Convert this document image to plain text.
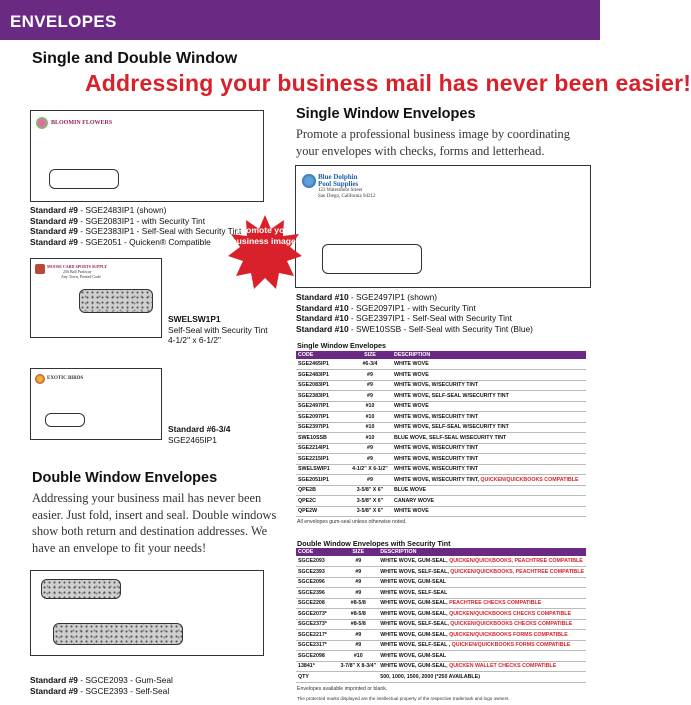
ENVELOPES
Single and Double Window
Addressing your business mail has never been easier!
BLOOMIN FLOWERS
Standard #9 - SGE2483IP1 (shown)
Standard #9 - SGE2083IP1 - with Security Tint
Standard #9 - SGE2383IP1 - Self-Seal with Security Tint
Standard #9 - SGE2051 - Quicken® Compatible
MOOSE CARD SPORTS SUPPLY
256 Ball Parkway
Any Town, Printed Code
SWELSW1P1
Self-Seal with Security Tint
4-1/2" x 6-1/2"
EXOTIC BIRDS
Standard #6-3/4
SGE2465IP1
Double Window Envelopes
Addressing your business mail has never been easier. Just fold, insert and seal. Double windows show both return and destination addresses. We have an envelope to fit your needs!
Standard #9 - SGCE2093 - Gum-Seal
Standard #9 - SGCE2393 - Self-Seal
Single Window Envelopes
Promote a professional business image by coordinating your envelopes with checks, forms and letterhead.
Blue Dolphin
Pool Supplies
123 Watershore Street
San Diego, California 94212
Promote your business image!
Standard #10 - SGE2497IP1 (shown)
Standard #10 - SGE2097IP1 - with Security Tint
Standard #10 - SGE2397IP1 - Self-Seal with Security Tint
Standard #10 - SWE10SSB - Self-Seal with Security Tint (Blue)
Single Window Envelopes
CODE	SIZE	DESCRIPTION
SGE2465IP1	#6-3/4	WHITE WOVE
SGE2483IP1	#9	WHITE WOVE
SGE2083IP1	#9	WHITE WOVE, W/SECURITY TINT
SGE2383IP1	#9	WHITE WOVE, SELF-SEAL W/SECURITY TINT
SGE2497IP1	#10	WHITE WOVE
SGE2097IP1	#10	WHITE WOVE, W/SECURITY TINT
SGE2397IP1	#10	WHITE WOVE, SELF-SEAL W/SECURITY TINT
SWE10SSB	#10	BLUE WOVE, SELF-SEAL W/SECURITY TINT
SGE2214IP1	#9	WHITE WOVE, W/SECURITY TINT
SGE2215IP1	#9	WHITE WOVE, W/SECURITY TINT
SWELSWIP1	4-1/2" X 6-1/2"	WHITE WOVE, W/SECURITY TINT
SGE2051IP1	#9	WHITE WOVE, W/SECURITY TINT, QUICKEN/QUICKBOOKS COMPATIBLE
QPE2B	3-5/8" X 6"	BLUE WOVE
QPE2C	3-5/8" X 6"	CANARY WOVE
QPE2W	3-5/8" X 6"	WHITE WOVE
All envelopes gum-seal unless otherwise noted.
Double Window Envelopes with Security Tint
CODE	SIZE	DESCRIPTION
SGCE2093	#9	WHITE WOVE, GUM-SEAL, QUICKEN/QUICKBOOKS, PEACHTREE COMPATIBLE
SGCE2393	#9	WHITE WOVE, SELF-SEAL, QUICKEN/QUICKBOOKS, PEACHTREE COMPATIBLE
SGCE2096	#9	WHITE WOVE, GUM-SEAL
SGCE2396	#9	WHITE WOVE, SELF-SEAL
SGCE2208	#8-5/8	WHITE WOVE, GUM-SEAL, PEACHTREE CHECKS COMPATIBLE
SGCE2073*	#8-5/8	WHITE WOVE, GUM-SEAL, QUICKEN/QUICKBOOKS CHECKS COMPATIBLE
SGCE2373*	#8-5/8	WHITE WOVE, SELF-SEAL, QUICKEN/QUICKBOOKS CHECKS COMPATIBLE
SGCE2217*	#9	WHITE WOVE, GUM-SEAL, QUICKEN/QUICKBOOKS FORMS COMPATIBLE
SGCE2317*	#9	WHITE WOVE, SELF-SEAL , QUICKEN/QUICKBOOKS FORMS COMPATIBLE
SGCE2098	#10	WHITE WOVE, GUM-SEAL
13841*	3-7/8" X 8-3/4"	WHITE WOVE, GUM-SEAL, QUICKEN WALLET CHECKS COMPATIBLE
QTY		500, 1000, 1500, 2000 (*250 AVAILABLE)
Envelopes available imprinted or blank.
The protected marks displayed are the intellectual property of the respective trademark and logo owners.
